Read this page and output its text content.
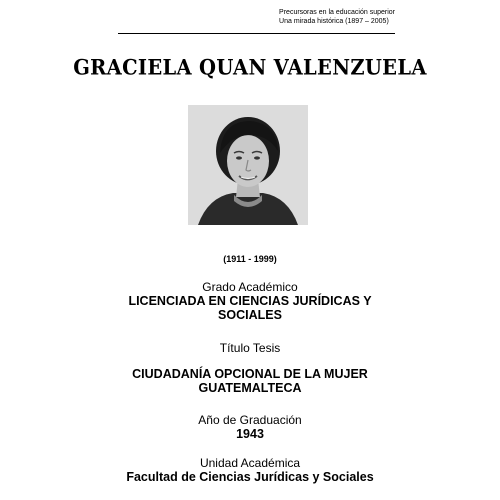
Precursoras en la educación superior
Una mirada histórica (1897 – 2005)
GRACIELA QUAN VALENZUELA
(1911 - 1999)
Grado Académico
LICENCIADA EN CIENCIAS JURÍDICAS Y
SOCIALES
Título Tesis
CIUDADANÍA OPCIONAL DE LA MUJER
GUATEMALTECA
Año de Graduación
1943
Unidad Académica
Facultad de Ciencias Jurídicas y Sociales
